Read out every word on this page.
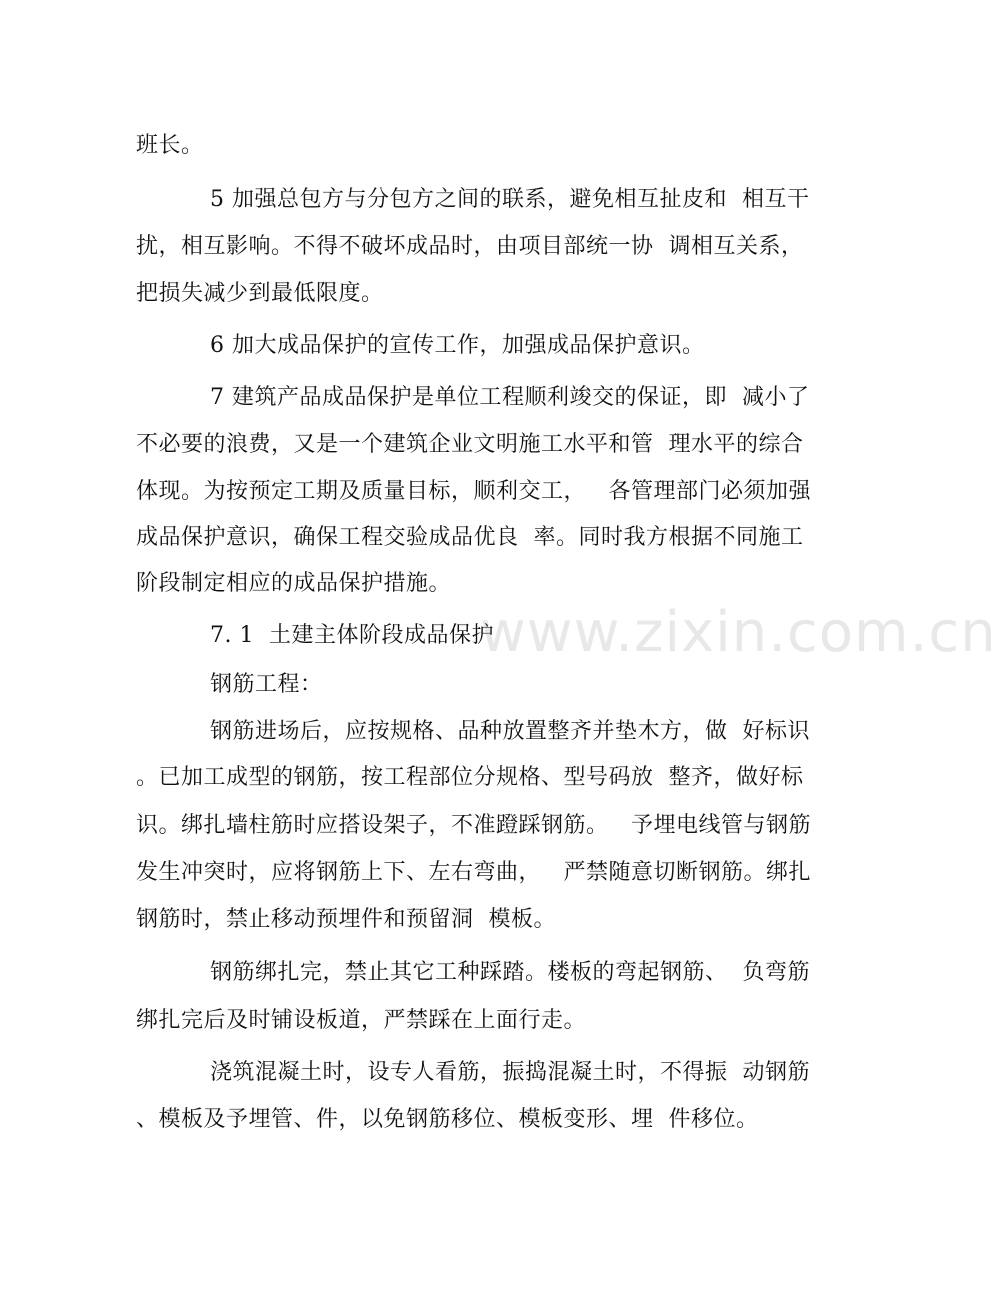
班长。
5 加强总包方与分包方之间的联系，避免相互扯皮和  相互干
扰，相互影响。不得不破坏成品时，由项目部统一协  调相互关系，
把损失减少到最低限度。
6 加大成品保护的宣传工作，加强成品保护意识。
7 建筑产品成品保护是单位工程顺利竣交的保证，即  减小了
不必要的浪费，又是一个建筑企业文明施工水平和管  理水平的综合
体现。为按预定工期及质量目标，顺利交工，   各管理部门必须加强
成品保护意识，确保工程交验成品优良  率。同时我方根据不同施工
阶段制定相应的成品保护措施。
7. 1  土建主体阶段成品保护
钢筋工程：
钢筋进场后，应按规格、品种放置整齐并垫木方，做  好标识
。已加工成型的钢筋，按工程部位分规格、型号码放  整齐，做好标
识。绑扎墙柱筋时应搭设架子，不准蹬踩钢筋。   予埋电线管与钢筋
发生冲突时，应将钢筋上下、左右弯曲，   严禁随意切断钢筋。绑扎
钢筋时，禁止移动预埋件和预留洞  模板。
钢筋绑扎完，禁止其它工种踩踏。楼板的弯起钢筋、  负弯筋
绑扎完后及时铺设板道，严禁踩在上面行走。
浇筑混凝土时，设专人看筋，振捣混凝土时，不得振  动钢筋
、模板及予埋管、件，以免钢筋移位、模板变形、埋  件移位。
www.zixin.com.cn
